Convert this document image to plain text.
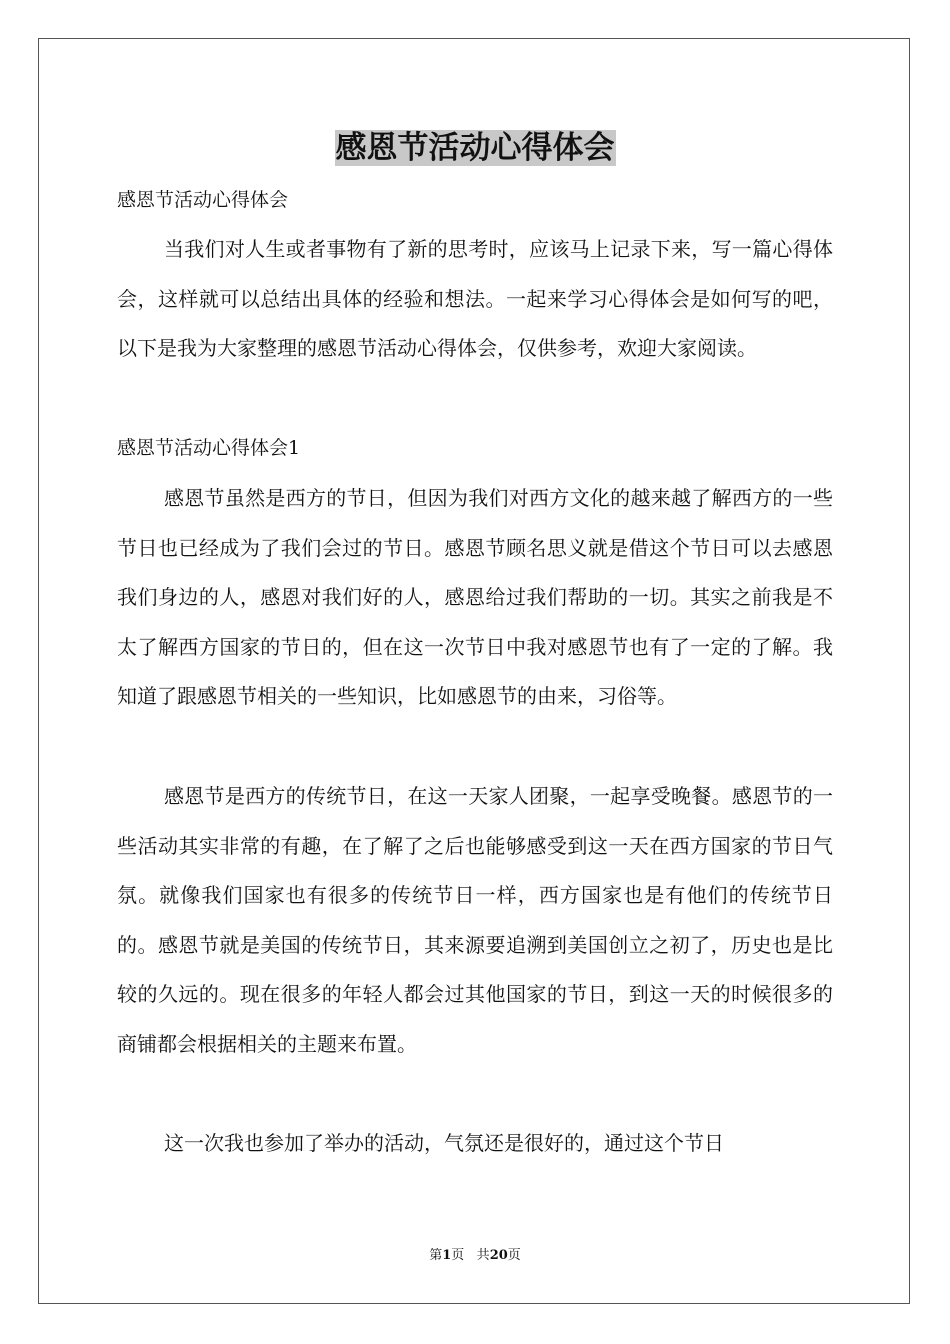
感恩节活动心得体会
感恩节活动心得体会
当我们对人生或者事物有了新的思考时，应该马上记录下来，写一篇心得体会，这样就可以总结出具体的经验和想法。一起来学习心得体会是如何写的吧，以下是我为大家整理的感恩节活动心得体会，仅供参考，欢迎大家阅读。
感恩节活动心得体会1
感恩节虽然是西方的节日，但因为我们对西方文化的越来越了解西方的一些节日也已经成为了我们会过的节日。感恩节顾名思义就是借这个节日可以去感恩我们身边的人，感恩对我们好的人，感恩给过我们帮助的一切。其实之前我是不太了解西方国家的节日的，但在这一次节日中我对感恩节也有了一定的了解。我知道了跟感恩节相关的一些知识，比如感恩节的由来，习俗等。
感恩节是西方的传统节日，在这一天家人团聚，一起享受晚餐。感恩节的一些活动其实非常的有趣，在了解了之后也能够感受到这一天在西方国家的节日气氛。就像我们国家也有很多的传统节日一样，西方国家也是有他们的传统节日的。感恩节就是美国的传统节日，其来源要追溯到美国创立之初了，历史也是比较的久远的。现在很多的年轻人都会过其他国家的节日，到这一天的时候很多的商铺都会根据相关的主题来布置。
这一次我也参加了举办的活动，气氛还是很好的，通过这个节日
第1页 共20页
